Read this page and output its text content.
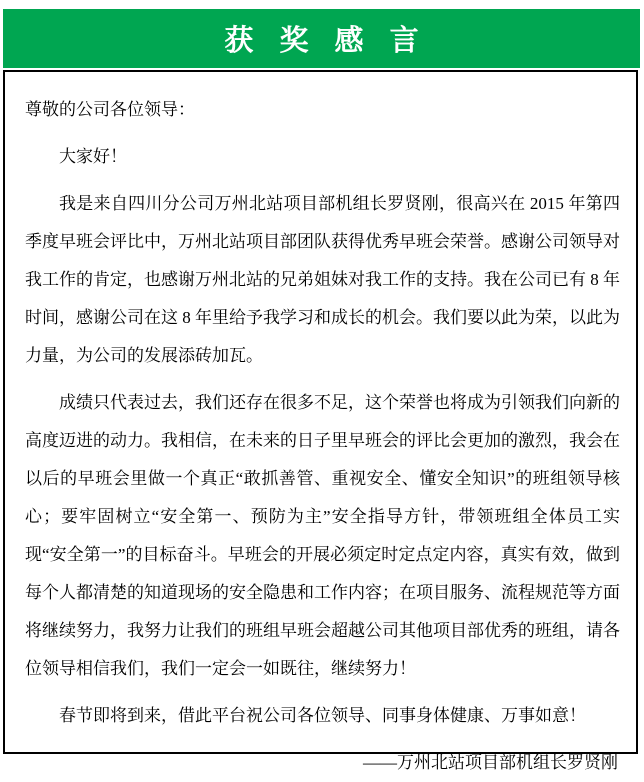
获 奖 感 言

尊敬的公司各位领导：

大家好！

我是来自四川分公司万州北站项目部机组长罗贤刚，很高兴在 2015 年第四季度早班会评比中，万州北站项目部团队获得优秀早班会荣誉。感谢公司领导对我工作的肯定，也感谢万州北站的兄弟姐妹对我工作的支持。我在公司已有 8 年时间，感谢公司在这 8 年里给予我学习和成长的机会。我们要以此为荣，以此为力量，为公司的发展添砖加瓦。

成绩只代表过去，我们还存在很多不足，这个荣誉也将成为引领我们向新的高度迈进的动力。我相信，在未来的日子里早班会的评比会更加的激烈，我会在以后的早班会里做一个真正“敢抓善管、重视安全、懂安全知识”的班组领导核心；要牢固树立“安全第一、预防为主”安全指导方针，带领班组全体员工实现“安全第一”的目标奋斗。早班会的开展必须定时定点定内容，真实有效，做到每个人都清楚的知道现场的安全隐患和工作内容；在项目服务、流程规范等方面将继续努力，我努力让我们的班组早班会超越公司其他项目部优秀的班组，请各位领导相信我们，我们一定会一如既往，继续努力！

春节即将到来，借此平台祝公司各位领导、同事身体健康、万事如意！

——万州北站项目部机组长罗贤刚
